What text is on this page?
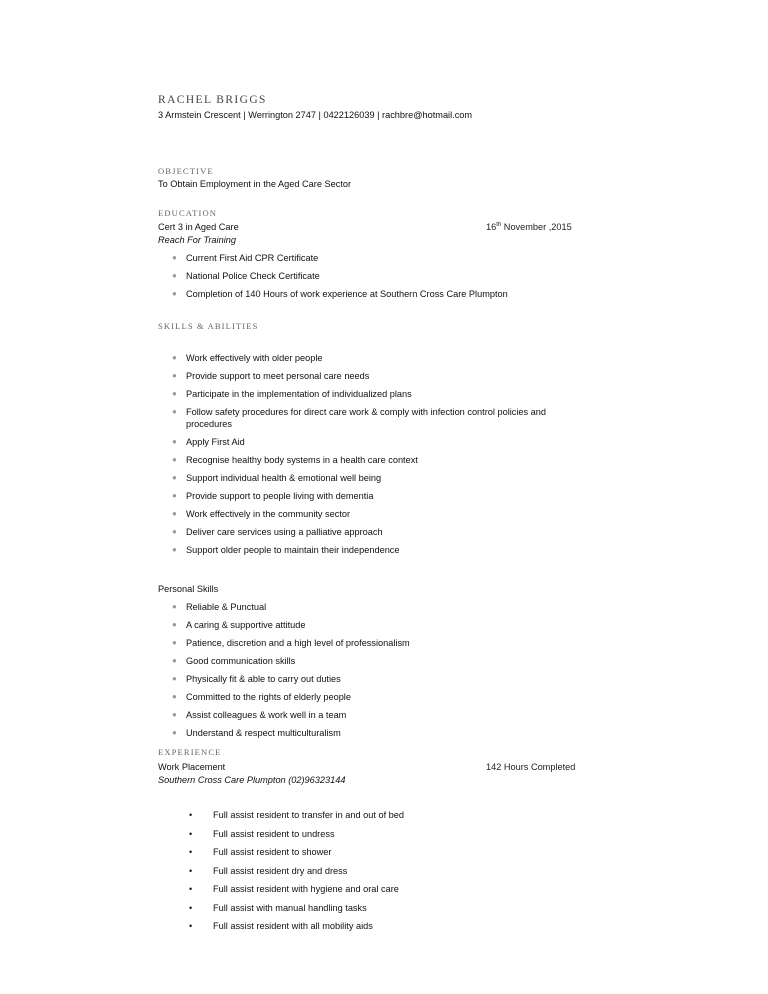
RACHEL BRIGGS
3 Armstein Crescent | Werrington 2747 | 0422126039 | rachbre@hotmail.com
OBJECTIVE
To Obtain Employment in the Aged Care Sector
EDUCATION
Cert 3 in Aged Care	16th November ,2015
Reach For Training
● Current First Aid CPR Certificate
● National Police Check Certificate
● Completion of 140 Hours of work experience at Southern Cross Care Plumpton
SKILLS & ABILITIES
● Work effectively with older people
● Provide support to meet personal care needs
● Participate in the implementation of individualized plans
● Follow safety procedures for direct care work & comply with infection control policies and
procedures
● Apply First Aid
● Recognise healthy body systems in a health care context
● Support individual health & emotional well being
● Provide support to people living with dementia
● Work effectively in the community sector
● Deliver care services using a palliative approach
● Support older people to maintain their independence
Personal Skills
● Reliable & Punctual
● A caring & supportive attitude
● Patience, discretion and a high level of professionalism
● Good communication skills
● Physically fit & able to carry out duties
● Committed to the rights of elderly people
● Assist colleagues & work well in a team
● Understand & respect multiculturalism
EXPERIENCE
Work Placement	142 Hours Completed
Southern Cross Care Plumpton (02)96323144
• Full assist resident to transfer in and out of bed
• Full assist resident to undress
• Full assist resident to shower
• Full assist resident dry and dress
• Full assist resident with hygiene and oral care
• Full assist with manual handling tasks
• Full assist resident with all mobility aids
